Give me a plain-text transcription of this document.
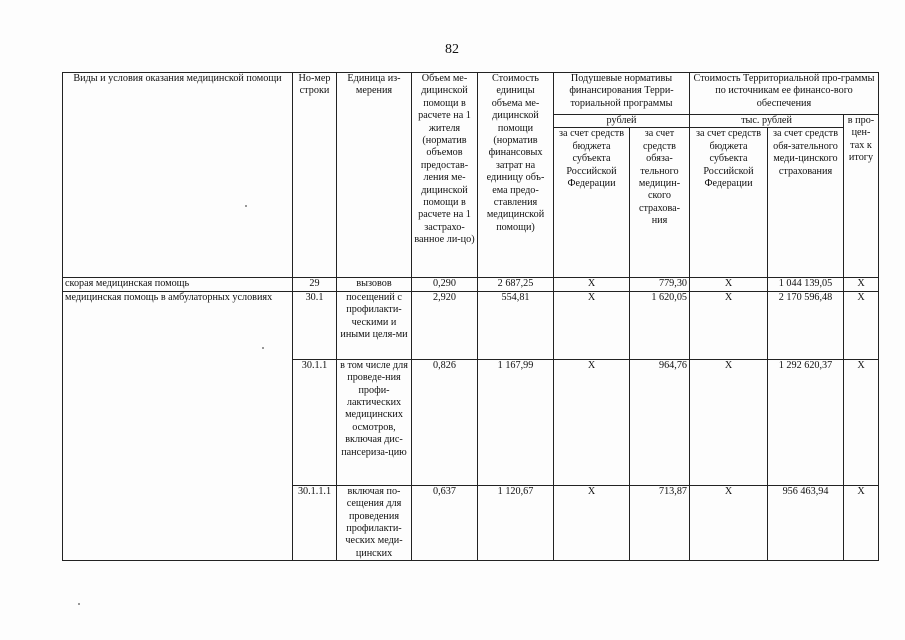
82
Виды и условия оказания медицинской помощи	Но-мер строки	Единица из-мерения	Объем ме-дицинской помощи в расчете на 1 жителя (норматив объемов предостав-ления ме-дицинской помощи в расчете на 1 застрахо-ванное ли-цо)	Стоимость единицы объема ме-дицинской помощи (норматив финансовых затрат на единицу объ-ема предо-ставления медицинской помощи)	Подушевые нормативы финансирования Терри-ториальной программы		Стоимость Территориальной про-граммы по источникам ее финансо-вого обеспечения		
					рублей		тыс. рублей		в про-цен-тах к итогу
					за счет средств бюджета субъекта Российской Федерации	за счет средств обяза-тельного медицин-ского страхова-ния	за счет средств бюджета субъекта Российской Федерации	за счет средств обя-зательного меди-цинского страхования	
скорая медицинская помощь	29	вызовов	0,290	2 687,25	X	779,30	X	1 044 139,05	X
медицинская помощь в амбулаторных условиях	30.1	посещений с профилакти-ческими и иными целя-ми	2,920	554,81	X	1 620,05	X	2 170 596,48	X
	30.1.1	в том числе для проведе-ния профи-лактических медицинских осмотров, включая дис-пансериза-цию	0,826	1 167,99	X	964,76	X	1 292 620,37	X
	30.1.1.1	включая по-сещения для проведения профилакти-ческих меди-цинских	0,637	1 120,67	X	713,87	X	956 463,94	X
